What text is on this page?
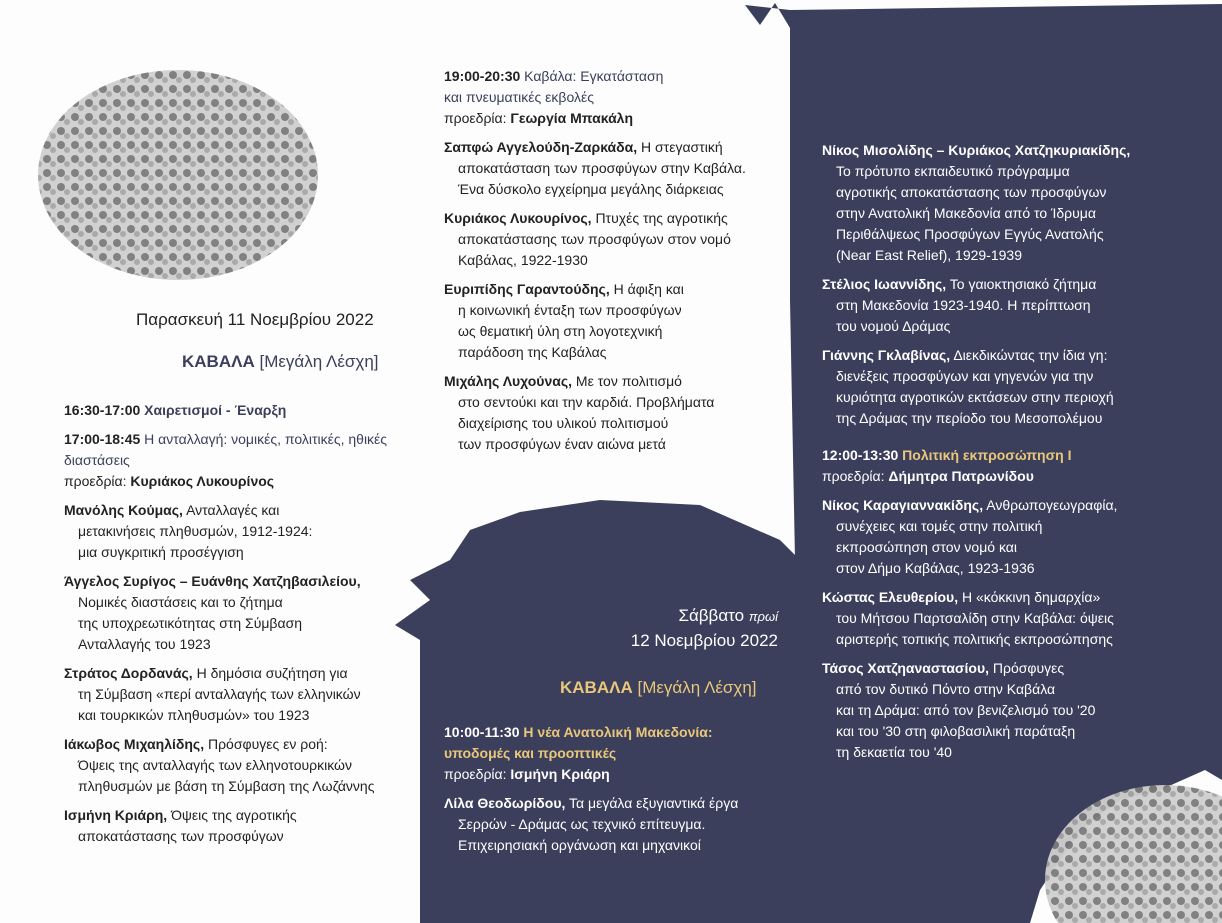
Παρασκευή 11 Νοεμβρίου 2022
ΚΑΒΑΛΑ [Μεγάλη Λέσχη]
16:30-17:00 Χαιρετισμοί - Έναρξη
17:00-18:45 Η ανταλλαγή: νομικές, πολιτικές, ηθικές διαστάσεις
προεδρία: Κυριάκος Λυκουρίνος
Μανόλης Κούμας, Ανταλλαγές και
μετακινήσεις πληθυσμών, 1912-1924:
μια συγκριτική προσέγγιση
Άγγελος Συρίγος – Ευάνθης Χατζηβασιλείου,
Νομικές διαστάσεις και το ζήτημα
της υποχρεωτικότητας στη Σύμβαση
Ανταλλαγής του 1923
Στράτος Δορδανάς, Η δημόσια συζήτηση για
τη Σύμβαση «περί ανταλλαγής των ελληνικών
και τουρκικών πληθυσμών» του 1923
Ιάκωβος Μιχαηλίδης, Πρόσφυγες εν ροή:
Όψεις της ανταλλαγής των ελληνοτουρκικών
πληθυσμών με βάση τη Σύμβαση της Λωζάννης
Ισμήνη Κριάρη, Όψεις της αγροτικής
αποκατάστασης των προσφύγων
19:00-20:30 Καβάλα: Εγκατάσταση
και πνευματικές εκβολές
προεδρία: Γεωργία Μπακάλη
Σαπφώ Αγγελούδη-Ζαρκάδα, Η στεγαστική
αποκατάσταση των προσφύγων στην Καβάλα.
Ένα δύσκολο εγχείρημα μεγάλης διάρκειας
Κυριάκος Λυκουρίνος, Πτυχές της αγροτικής
αποκατάστασης των προσφύγων στον νομό
Καβάλας, 1922-1930
Ευριπίδης Γαραντούδης, Η άφιξη και
η κοινωνική ένταξη των προσφύγων
ως θεματική ύλη στη λογοτεχνική
παράδοση της Καβάλας
Μιχάλης Λυχούνας, Με τον πολιτισμό
στο σεντούκι και την καρδιά. Προβλήματα
διαχείρισης του υλικού πολιτισμού
των προσφύγων έναν αιώνα μετά
Σάββατο πρωί
12 Νοεμβρίου 2022
ΚΑΒΑΛΑ [Μεγάλη Λέσχη]
10:00-11:30 Η νέα Ανατολική Μακεδονία:
υποδομές και προοπτικές
προεδρία: Ισμήνη Κριάρη
Λίλα Θεοδωρίδου, Τα μεγάλα εξυγιαντικά έργα
Σερρών - Δράμας ως τεχνικό επίτευγμα.
Επιχειρησιακή οργάνωση και μηχανικοί
Νίκος Μισολίδης – Κυριάκος Χατζηκυριακίδης,
Το πρότυπο εκπαιδευτικό πρόγραμμα
αγροτικής αποκατάστασης των προσφύγων
στην Ανατολική Μακεδονία από το Ίδρυμα
Περιθάλψεως Προσφύγων Εγγύς Ανατολής
(Near East Relief), 1929-1939
Στέλιος Ιωαννίδης, Το γαιοκτησιακό ζήτημα
στη Μακεδονία 1923-1940. Η περίπτωση
του νομού Δράμας
Γιάννης Γκλαβίνας, Διεκδικώντας την ίδια γη:
διενέξεις προσφύγων και γηγενών για την
κυριότητα αγροτικών εκτάσεων στην περιοχή
της Δράμας την περίοδο του Μεσοπολέμου
12:00-13:30 Πολιτική εκπροσώπηση Ι
προεδρία: Δήμητρα Πατρωνίδου
Νίκος Καραγιαννακίδης, Ανθρωπογεωγραφία,
συνέχειες και τομές στην πολιτική
εκπροσώπηση στον νομό και
στον Δήμο Καβάλας, 1923-1936
Κώστας Ελευθερίου, Η «κόκκινη δημαρχία»
του Μήτσου Παρτσαλίδη στην Καβάλα: όψεις
αριστερής τοπικής πολιτικής εκπροσώπησης
Τάσος Χατζηαναστασίου, Πρόσφυγες
από τον δυτικό Πόντο στην Καβάλα
και τη Δράμα: από τον βενιζελισμό του '20
και του '30 στη φιλοβασιλική παράταξη
τη δεκαετία του '40
